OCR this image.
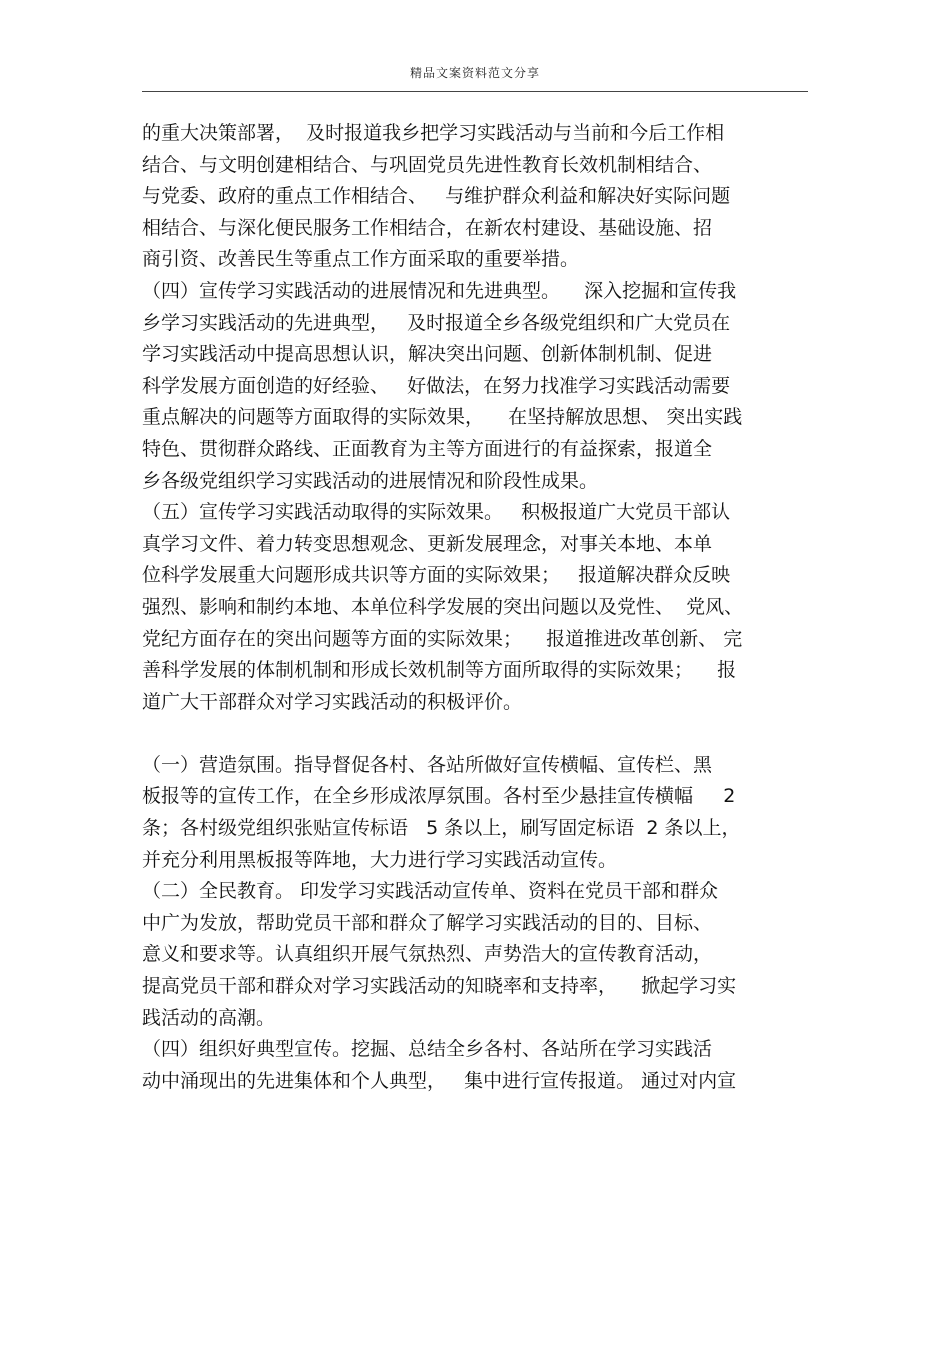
精品文案资料范文分享
的重大决策部署，  及时报道我乡把学习实践活动与当前和今后工作相
结合、与文明创建相结合、与巩固党员先进性教育长效机制相结合、
与党委、政府的重点工作相结合、   与维护群众利益和解决好实际问题
相结合、与深化便民服务工作相结合，在新农村建设、基础设施、招
商引资、改善民生等重点工作方面采取的重要举措。
（四）宣传学习实践活动的进展情况和先进典型。    深入挖掘和宣传我
乡学习实践活动的先进典型，   及时报道全乡各级党组织和广大党员在
学习实践活动中提高思想认识，解决突出问题、创新体制机制、促进
科学发展方面创造的好经验、   好做法，在努力找准学习实践活动需要
重点解决的问题等方面取得的实际效果，    在坚持解放思想、 突出实践
特色、贯彻群众路线、正面教育为主等方面进行的有益探索，报道全
乡各级党组织学习实践活动的进展情况和阶段性成果。
（五）宣传学习实践活动取得的实际效果。   积极报道广大党员干部认
真学习文件、着力转变思想观念、更新发展理念，对事关本地、本单
位科学发展重大问题形成共识等方面的实际效果；   报道解决群众反映
强烈、影响和制约本地、本单位科学发展的突出问题以及党性、  党风、
党纪方面存在的突出问题等方面的实际效果；    报道推进改革创新、 完
善科学发展的体制机制和形成长效机制等方面所取得的实际效果；    报
道广大干部群众对学习实践活动的积极评价。
（一）营造氛围。指导督促各村、各站所做好宣传横幅、宣传栏、黑
板报等的宣传工作，在全乡形成浓厚氛围。各村至少悬挂宣传横幅     2
条；各村级党组织张贴宣传标语   5 条以上，刷写固定标语  2 条以上，
并充分利用黑板报等阵地，大力进行学习实践活动宣传。
（二）全民教育。 印发学习实践活动宣传单、资料在党员干部和群众
中广为发放，帮助党员干部和群众了解学习实践活动的目的、目标、
意义和要求等。认真组织开展气氛热烈、声势浩大的宣传教育活动，
提高党员干部和群众对学习实践活动的知晓率和支持率，    掀起学习实
践活动的高潮。
（四）组织好典型宣传。挖掘、总结全乡各村、各站所在学习实践活
动中涌现出的先进集体和个人典型，   集中进行宣传报道。 通过对内宣
